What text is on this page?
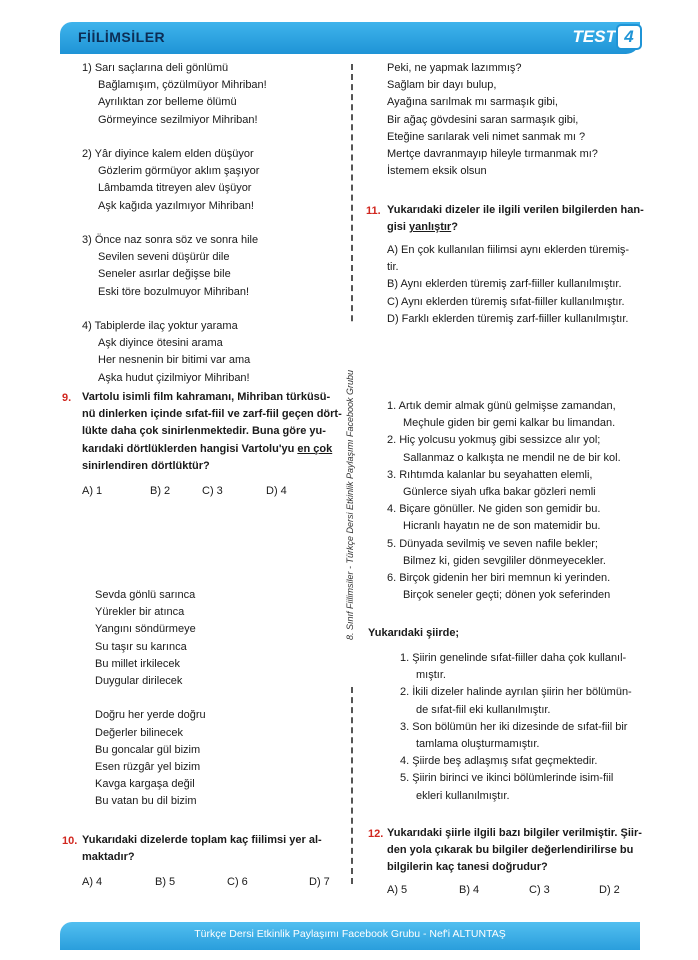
FİİLİMSİLER	TEST 4
8. Sınıf Fiilimsiler - Türkçe Dersi Etkinlik Paylaşımı Facebook Grubu
1) Sarı saçlarına deli gönlümü
Bağlamışım, çözülmüyor Mihriban!
Ayrılıktan zor belleme ölümü
Görmeyince sezilmiyor Mihriban!

2) Yâr diyince kalem elden düşüyor
Gözlerim görmüyor aklım şaşıyor
Lâmbamda titreyen alev üşüyor
Aşk kağıda yazılmıyor Mihriban!

3) Önce naz sonra söz ve sonra hile
Sevilen seveni düşürür dile
Seneler asırlar değişse bile
Eski töre bozulmuyor Mihriban!

4) Tabiplerde ilaç yoktur yarama
Aşk diyince ötesini arama
Her nesnenin bir bitimi var ama
Aşka hudut çizilmiyor Mihriban!
9. Vartolu isimli film kahramanı, Mihriban türküsü-
nü dinlerken içinde sıfat-fiil ve zarf-fiil geçen dört-
lükte daha çok sinirlenmektedir. Buna göre yu-
karıdaki dörtlüklerden hangisi Vartolu'yu en çok
sinirlendiren dörtlüktür?
A) 1	B) 2	C) 3	D) 4
Sevda gönlü sarınca
Yürekler bir atınca
Yangını söndürmeye
Su taşır su karınca
Bu millet irkilecek
Duygular dirilecek

Doğru her yerde doğru
Değerler bilinecek
Bu goncalar gül bizim
Esen rüzgâr yel bizim
Kavga kargaşa değil
Bu vatan bu dil bizim
10. Yukarıdaki dizelerde toplam kaç fiilimsi yer al-
maktadır?
A) 4	B) 5	C) 6	D) 7
Peki, ne yapmak lazımmış?
Sağlam bir dayı bulup,
Ayağına sarılmak mı sarmaşık gibi,
Bir ağaç gövdesini saran sarmaşık gibi,
Eteğine sarılarak veli nimet sanmak mı ?
Mertçe davranmayıp hileyle tırmanmak mı?
İstemem eksik olsun
11. Yukarıdaki dizeler ile ilgili verilen bilgilerden han-
gisi yanlıştır?
A) En çok kullanılan fiilimsi aynı eklerden türemiş-
tir.
B) Aynı eklerden türemiş zarf-fiiller kullanılmıştır.
C) Aynı eklerden türemiş sıfat-fiiller kullanılmıştır.
D) Farklı eklerden türemiş zarf-fiiller kullanılmıştır.
1. Artık demir almak günü gelmişse zamandan,
Meçhule giden bir gemi kalkar bu limandan.
2. Hiç yolcusu yokmuş gibi sessizce alır yol;
Sallanmaz o kalkışta ne mendil ne de bir kol.
3. Rıhtımda kalanlar bu seyahatten elemli,
Günlerce siyah ufka bakar gözleri nemli
4. Biçare gönüller. Ne giden son gemidir bu.
Hicranlı hayatın ne de son matemidir bu.
5. Dünyada sevilmiş ve seven nafile bekler;
Bilmez ki, giden sevgililer dönmeyecekler.
6. Birçok gidenin her biri memnun ki yerinden.
Birçok seneler geçti; dönen yok seferinden
Yukarıdaki şiirde;
1. Şiirin genelinde sıfat-fiiller daha çok kullanıl-
mıştır.
2. İkili dizeler halinde ayrılan şiirin her bölümün-
de sıfat-fiil eki kullanılmıştır.
3. Son bölümün her iki dizesinde de sıfat-fiil bir
tamlama oluşturmamıştır.
4. Şiirde beş adlaşmış sıfat geçmektedir.
5. Şiirin birinci ve ikinci bölümlerinde isim-fiil
ekleri kullanılmıştır.
12. Yukarıdaki şiirle ilgili bazı bilgiler verilmiştir. Şiir-
den yola çıkarak bu bilgiler değerlendirilirse bu
bilgilerin kaç tanesi doğrudur?
A) 5	B) 4	C) 3	D) 2
Türkçe Dersi Etkinlik Paylaşımı Facebook Grubu - Nef'i ALTUNTAŞ
